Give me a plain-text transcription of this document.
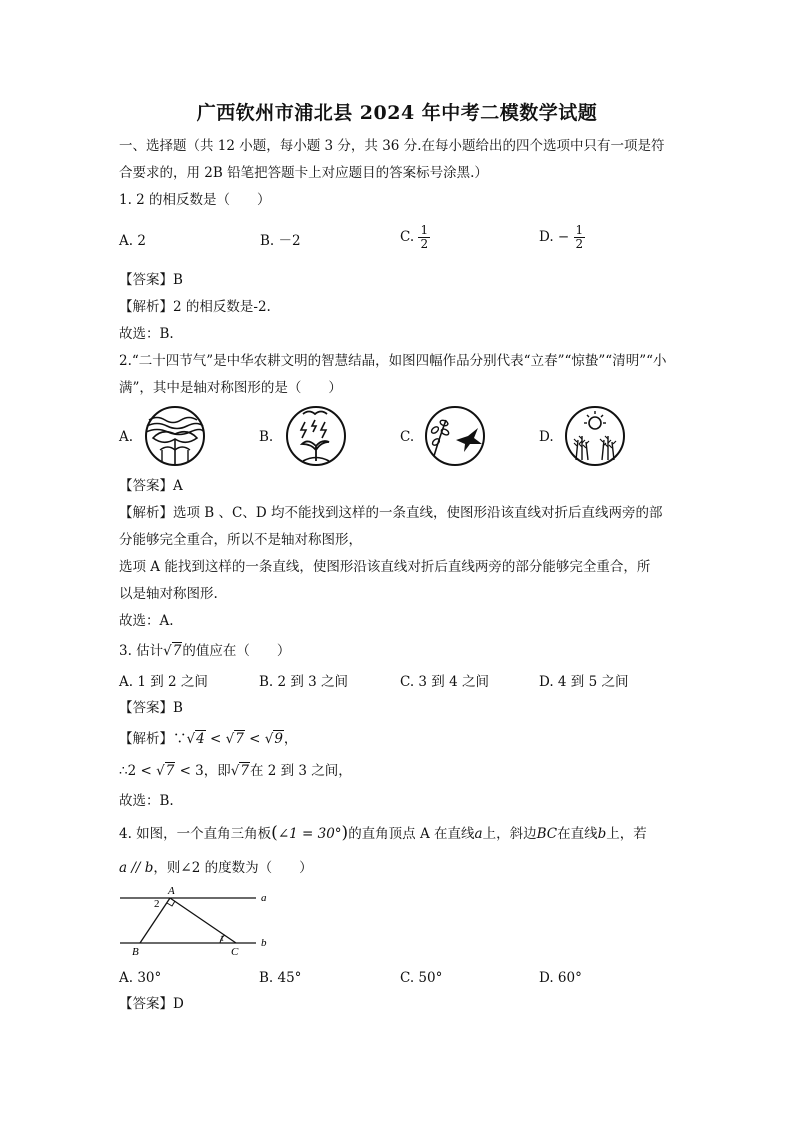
广西钦州市浦北县 2024 年中考二模数学试题
一、选择题（共 12 小题，每小题 3 分，共 36 分.在每小题给出的四个选项中只有一项是符
合要求的，用 2B 铅笔把答题卡上对应题目的答案标号涂黑.）
1. 2 的相反数是（　　）
A. 2	B. －2	C. $\frac{1}{2}$	D. − $\frac{1}{2}$
【答案】B
【解析】2 的相反数是-2.
故选：B.
2.“二十四节气”是中华农耕文明的智慧结晶，如图四幅作品分别代表“立春”“惊蛰”“清明”“小
满”，其中是轴对称图形的是（　　）
A.	B.	C.	D.
【答案】A
【解析】选项 B 、C、D 均不能找到这样的一条直线，使图形沿该直线对折后直线两旁的部
分能够完全重合，所以不是轴对称图形，
选项 A 能找到这样的一条直线，使图形沿该直线对折后直线两旁的部分能够完全重合，所
以是轴对称图形.
故选：A.
3. 估计√7的值应在（　　）
A. 1 到 2 之间	B. 2 到 3 之间	C. 3 到 4 之间	D. 4 到 5 之间
【答案】B
【解析】∵√4 < √7 < √9，
∴2 < √7 < 3，即√7在 2 到 3 之间，
故选：B.
4. 如图，一个直角三角板(∠1 = 30°)的直角顶点 A 在直线a上，斜边BC在直线b上，若
a // b，则∠2 的度数为（　　）
A
2
1
B	C
a
b
A. 30°	B. 45°	C. 50°	D. 60°
【答案】D
